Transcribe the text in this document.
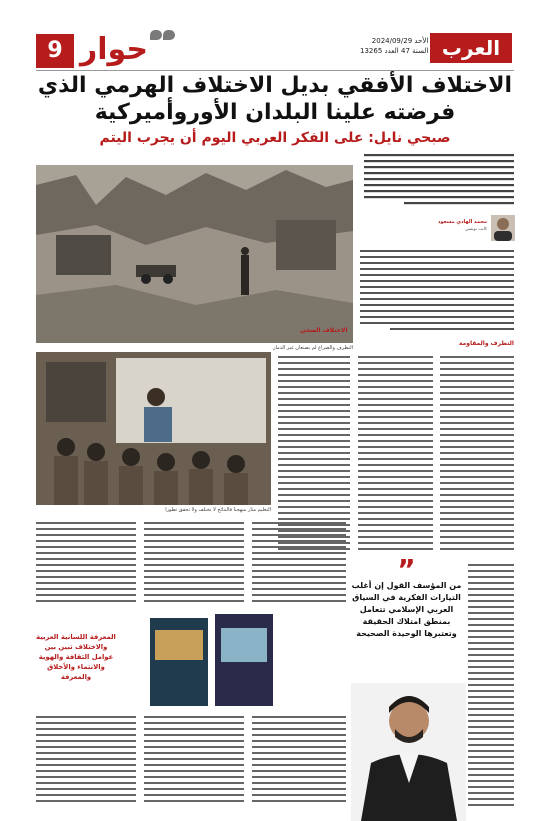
9 حوار	الأحد 2024/09/29
السنة 47 العدد 13265 العرب
الاختلاف الأفقي بديل الاختلاف الهرمي الذي فرضته علينا البلدان الأوروأميركية
صبحي نايل: على الفكر العربي اليوم أن يجرب اليتم
محمد الهادي مسعود
كاتب تونسي
التطرف والصراع لم يصنعان غير الدمار
التطرف والمقاومة
الاختلاف الصحي
التعليم مثار منهجنا فالنتائج لا تختلف ولا تحقق تطورا
المعرفة اللسانية العربية والاختلاف تبين بين عوامل الثقافة والهوية والانتماء والأخلاق والمعرفة
”
من المؤسف القول إن أغلب التيارات الفكرية في السياق العربي الإسلامي تتعامل بمنطق امتلاك الحقيقة وتعتبرها الوحيدة الصحيحة
